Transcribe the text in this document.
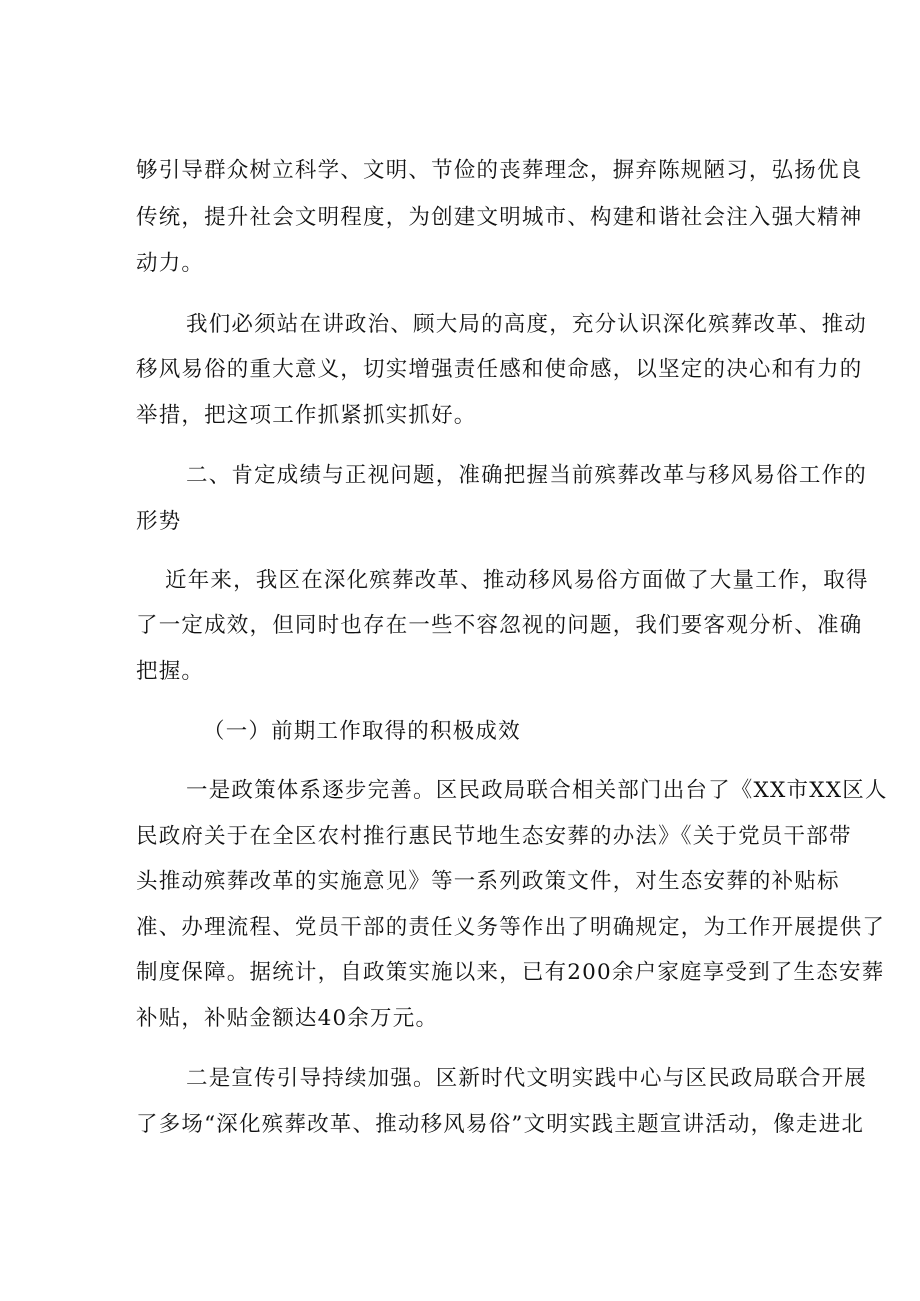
够引导群众树立科学、文明、节俭的丧葬理念，摒弃陈规陋习，弘扬优良
传统，提升社会文明程度，为创建文明城市、构建和谐社会注入强大精神
动力。
我们必须站在讲政治、顾大局的高度，充分认识深化殡葬改革、推动
移风易俗的重大意义，切实增强责任感和使命感，以坚定的决心和有力的
举措，把这项工作抓紧抓实抓好。
二、肯定成绩与正视问题，准确把握当前殡葬改革与移风易俗工作的
形势
近年来，我区在深化殡葬改革、推动移风易俗方面做了大量工作，取得
了一定成效，但同时也存在一些不容忽视的问题，我们要客观分析、准确
把握。
（一）前期工作取得的积极成效
一是政策体系逐步完善。区民政局联合相关部门出台了《XX市XX区人
民政府关于在全区农村推行惠民节地生态安葬的办法》《关于党员干部带
头推动殡葬改革的实施意见》等一系列政策文件，对生态安葬的补贴标
准、办理流程、党员干部的责任义务等作出了明确规定，为工作开展提供了
制度保障。据统计，自政策实施以来，已有200余户家庭享受到了生态安葬
补贴，补贴金额达40余万元。
二是宣传引导持续加强。区新时代文明实践中心与区民政局联合开展
了多场“深化殡葬改革、推动移风易俗”文明实践主题宣讲活动，像走进北
